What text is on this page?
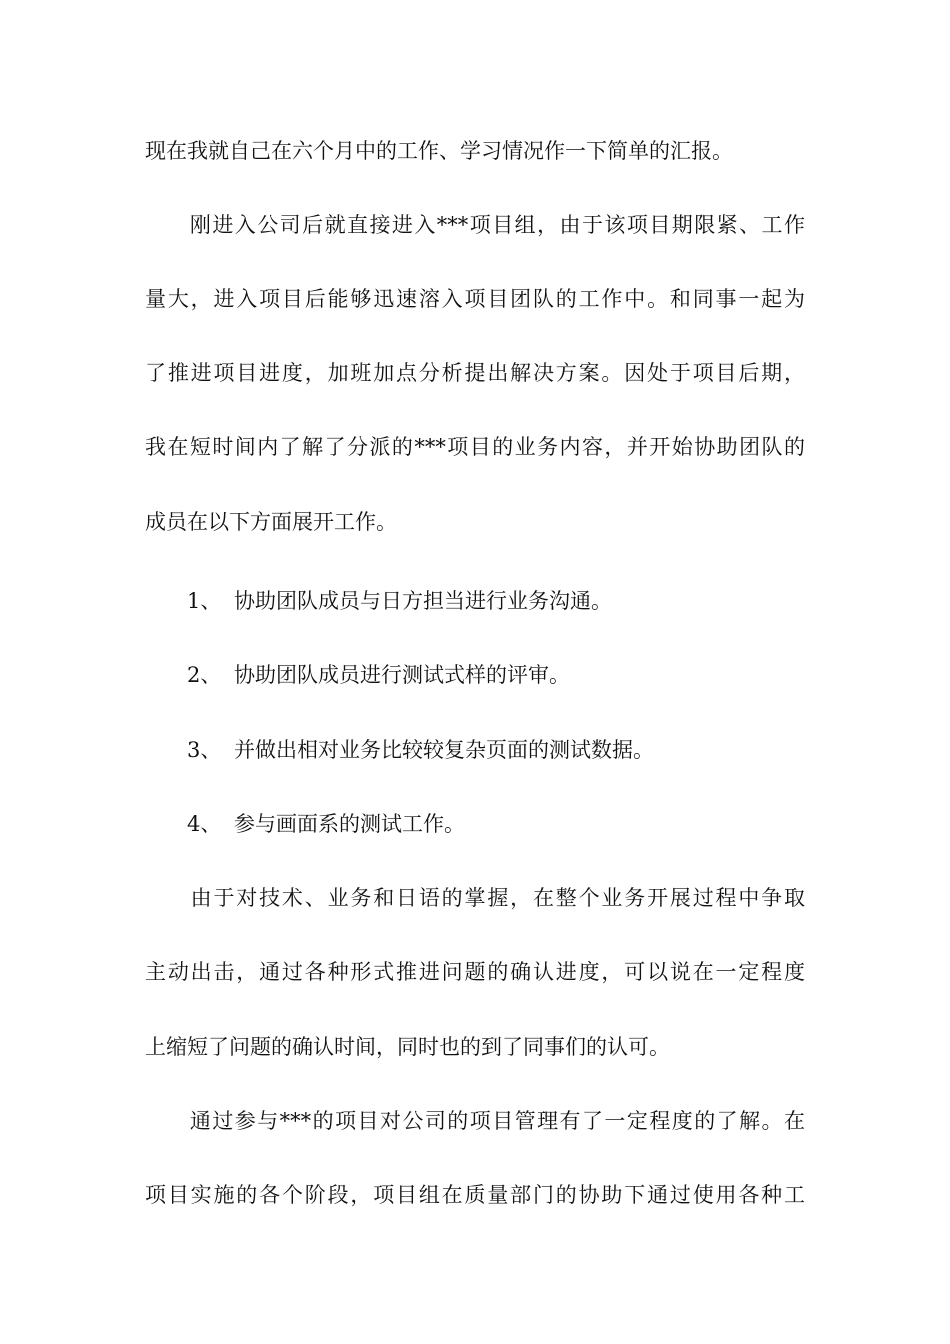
现在我就自己在六个月中的工作、学习情况作一下简单的汇报。
　　刚进入公司后就直接进入***项目组，由于该项目期限紧、工作
量大，进入项目后能够迅速溶入项目团队的工作中。和同事一起为
了推进项目进度，加班加点分析提出解决方案。因处于项目后期，
我在短时间内了解了分派的***项目的业务内容，并开始协助团队的
成员在以下方面展开工作。
1、 协助团队成员与日方担当进行业务沟通。
2、 协助团队成员进行测试式样的评审。
3、 并做出相对业务比较较复杂页面的测试数据。
4、 参与画面系的测试工作。
　　由于对技术、业务和日语的掌握，在整个业务开展过程中争取
主动出击，通过各种形式推进问题的确认进度，可以说在一定程度
上缩短了问题的确认时间，同时也的到了同事们的认可。
　　通过参与***的项目对公司的项目管理有了一定程度的了解。在
项目实施的各个阶段，项目组在质量部门的协助下通过使用各种工
